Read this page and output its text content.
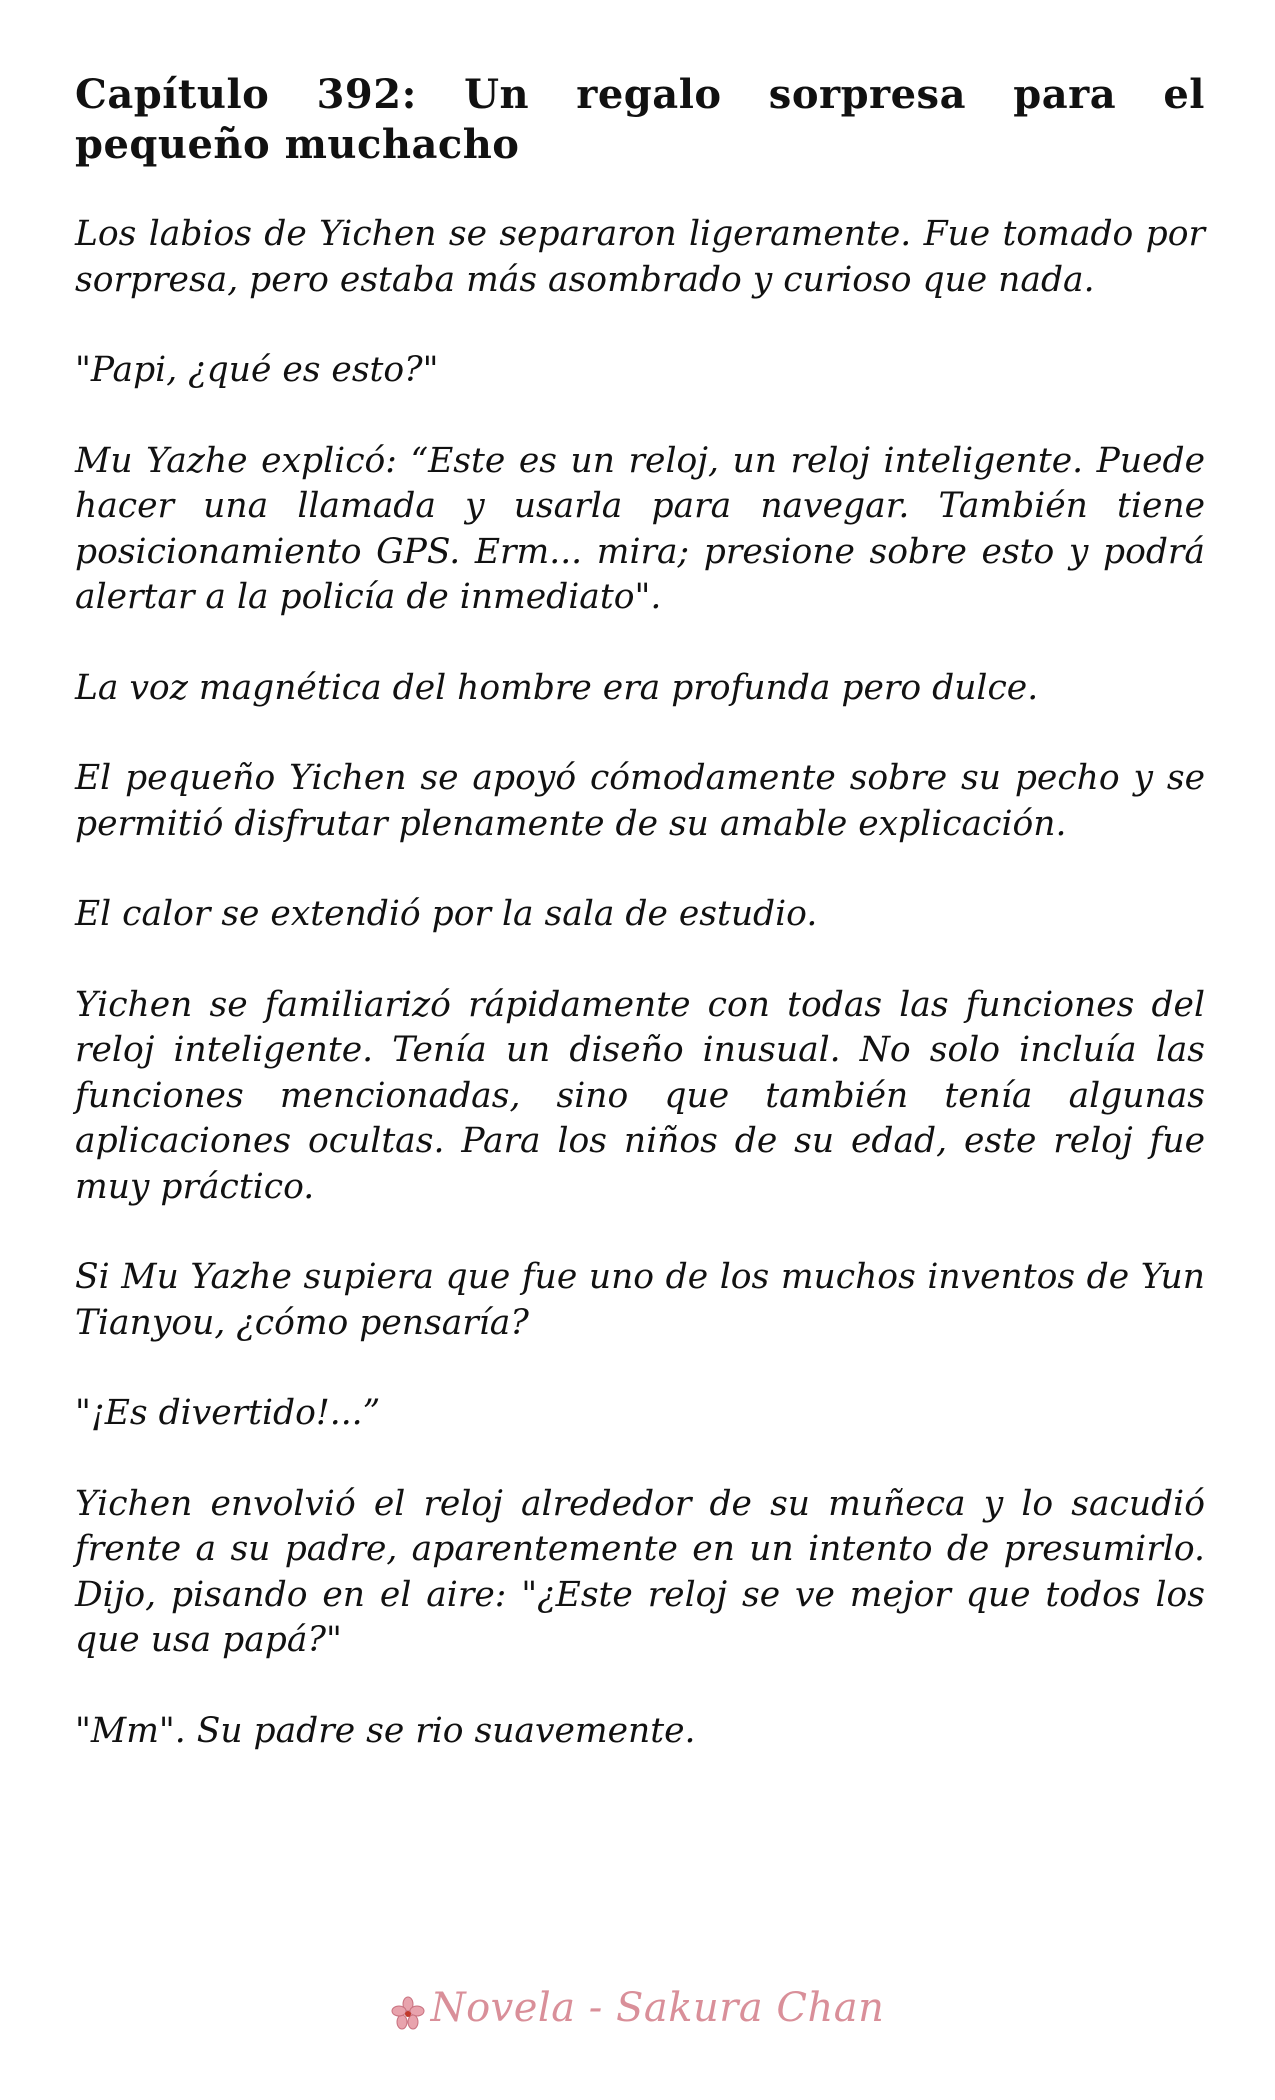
Capítulo 392: Un regalo sorpresa para el pequeño muchacho

Los labios de Yichen se separaron ligeramente. Fue tomado por sorpresa, pero estaba más asombrado y curioso que nada.

"Papi, ¿qué es esto?"

Mu Yazhe explicó: “Este es un reloj, un reloj inteligente. Puede hacer una llamada y usarla para navegar. También tiene posicionamiento GPS. Erm... mira; presione sobre esto y podrá alertar a la policía de inmediato".

La voz magnética del hombre era profunda pero dulce.

El pequeño Yichen se apoyó cómodamente sobre su pecho y se permitió disfrutar plenamente de su amable explicación.

El calor se extendió por la sala de estudio.

Yichen se familiarizó rápidamente con todas las funciones del reloj inteligente. Tenía un diseño inusual. No solo incluía las funciones mencionadas, sino que también tenía algunas aplicaciones ocultas. Para los niños de su edad, este reloj fue muy práctico.

Si Mu Yazhe supiera que fue uno de los muchos inventos de Yun Tianyou, ¿cómo pensaría?

"¡Es divertido!...”

Yichen envolvió el reloj alrededor de su muñeca y lo sacudió frente a su padre, aparentemente en un intento de presumirlo. Dijo, pisando en el aire: "¿Este reloj se ve mejor que todos los que usa papá?"

"Mm". Su padre se rio suavemente.

Novela - Sakura Chan
